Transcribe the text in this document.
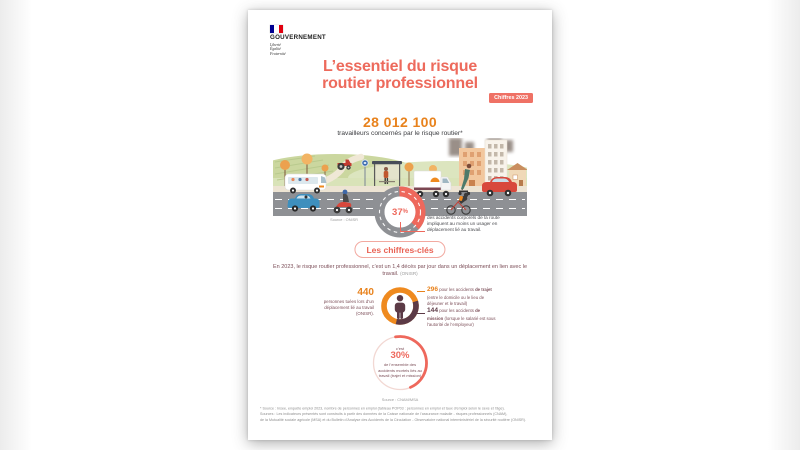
GOUVERNEMENT
Liberté
Égalité
Fraternité
L’essentiel du risque
routier professionnel
Chiffres 2023
28 012 100
travailleurs concernés par le risque routier*
37 %
Source : ONISR	des accidents corporels de la route impliquent au moins un usager en déplacement lié au travail.
Les chiffres-clés
En 2023, le risque routier professionnel, c’est un 1,4 décès par jour dans un déplacement en lien avec le travail. (ONISR)
440
personnes tuées lors d’un déplacement lié au travail (ONISR).
296 pour les accidents de trajet (entre le domicile ou le lieu de déjeuner et le travail)
144 pour les accidents de mission (lorsque le salarié est sous l’autorité de l’employeur)
c’est
30%
de l’ensemble des accidents mortels liés au travail (trajet et mission)
Source : CNAM/MSA
* Source : Insee, enquête emploi 2023, nombre de personnes en emploi (tableau POP03 : personnes en emploi et taux d’emploi selon le sexe et l’âge).
Sources : Les indicateurs présentés sont construits à partir des données de la Caisse nationale de l’assurance maladie - risques professionnels (CNAM),
de la Mutualité sociale agricole (MSA) et du Bulletin d’Analyse des Accidents de la Circulation - Observatoire national interministériel de la sécurité routière (ONISR).
